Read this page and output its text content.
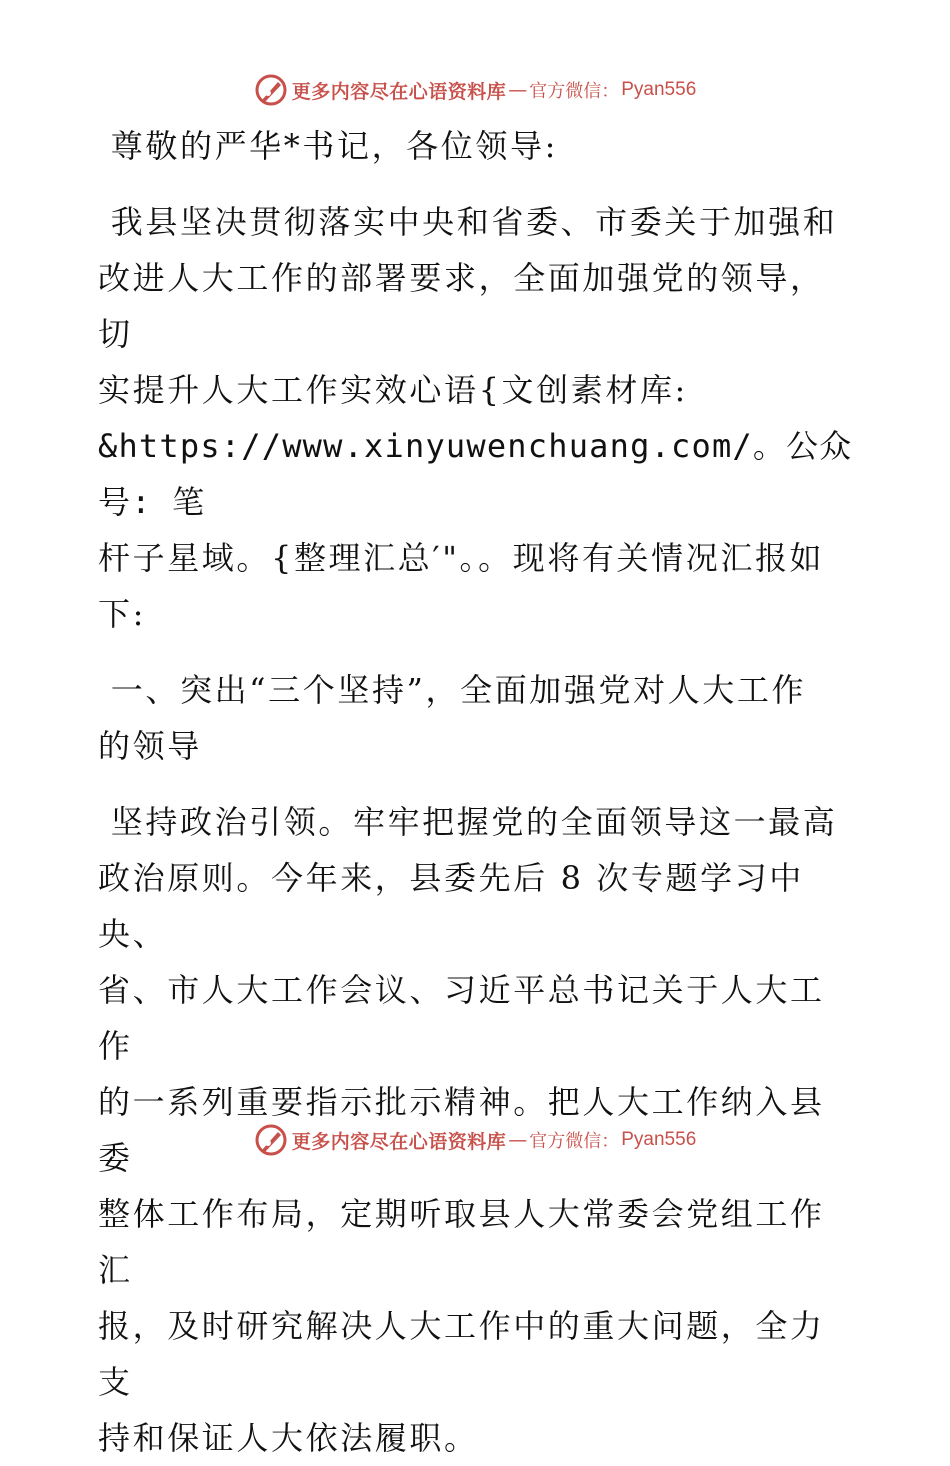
更多内容尽在心语资料库 — 官方微信： Pyan556

尊敬的严华*书记，各位领导:

我县坚决贯彻落实中央和省委、市委关于加强和

改进人大工作的部署要求，全面加强党的领导，切

实提升人大工作实效心语{文创素材库:

&https://www.xinyuwenchuang.com/。公众号: 笔

杆子星域。{整理汇总′"。。现将有关情况汇报如

下:

一、突出“三个坚持”，全面加强党对人大工作

的领导

坚持政治引领。牢牢把握党的全面领导这一最高

政治原则。今年来，县委先后 8 次专题学习中央、

省、市人大工作会议、习近平总书记关于人大工作

的一系列重要指示批示精神。把人大工作纳入县委

整体工作布局，定期听取县人大常委会党组工作汇

报，及时研究解决人大工作中的重大问题，全力支

持和保证人大依法履职。

更多内容尽在心语资料库 — 官方微信： Pyan556
